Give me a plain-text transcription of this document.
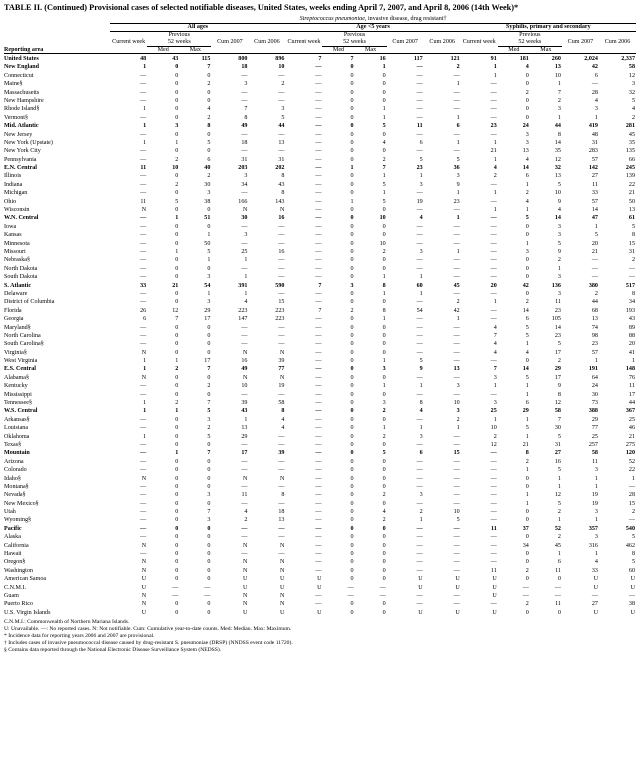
TABLE II. (Continued) Provisional cases of selected notifiable diseases, United States, weeks ending April 7, 2007, and April 8, 2006 (14th Week)*
	Streptococcus pneumoniae, invasive disease, drug resistant†														
	All ages					Age <5 years					Syphilis, primary and secondary				
		Previous					Previous					Previous			
	Current week	52 weeks		Cum 2007	Cum 2006	Current week	52 weeks		Cum 2007	Cum 2006	Current week	52 weeks		Cum 2007	Cum 2006
Reporting area		Med	Max				Med	Max				Med	Max		
United States	48	43	115	800	896	7	7	16	117	121	91	181	260	2,024	2,337
New England	1	0	7	18	10	—	0	1	—	2	1	4	13	42	58
Connecticut	—	0	0	—	—	—	0	0	—	—	1	0	10	6	12
Maine§	—	0	2	3	2	—	0	0	—	1	—	0	1	—	3
Massachusetts	—	0	0	—	—	—	0	0	—	—	—	2	7	28	32
New Hampshire	—	0	0	—	—	—	0	0	—	—	—	0	2	4	5
Rhode Island§	1	0	4	7	3	—	0	1	—	—	—	0	3	3	4
Vermont§	—	0	2	8	5	—	0	1	—	1	—	0	1	1	2
Mid. Atlantic	1	3	8	49	44	—	0	5	11	6	23	24	44	419	281
New Jersey	—	0	0	—	—	—	0	0	—	—	—	3	8	48	45
New York (Upstate)	1	1	5	18	13	—	0	4	6	1	1	3	14	31	35
New York City	—	0	0	—	—	—	0	0	—	—	21	13	35	283	135
Pennsylvania	—	2	6	31	31	—	0	2	5	5	1	4	12	57	66
E.N. Central	11	10	40	203	202	—	1	7	23	36	4	14	32	142	245
Illinois	—	0	2	3	8	—	0	1	1	3	2	6	13	27	139
Indiana	—	2	30	34	43	—	0	5	3	9	—	1	5	11	22
Michigan	—	0	3	—	8	—	0	1	—	1	1	2	10	33	21
Ohio	11	5	38	166	143	—	1	5	19	23	—	4	9	57	50
Wisconsin	N	0	0	N	N	—	0	0	—	—	1	1	4	14	13
W.N. Central	—	1	51	30	16	—	0	10	4	1	—	5	14	47	61
Iowa	—	0	0	—	—	—	0	0	—	—	—	0	3	1	5
Kansas	—	0	1	3	—	—	0	0	—	—	—	0	3	5	8
Minnesota	—	0	50	—	—	—	0	10	—	—	—	1	5	20	15
Missouri	—	1	5	25	16	—	0	2	3	1	—	3	9	21	31
Nebraska§	—	0	1	1	—	—	0	0	—	—	—	0	2	—	2
North Dakota	—	0	0	—	—	—	0	0	—	—	—	0	1	—	—
South Dakota	—	0	3	1	—	—	0	1	1	—	—	0	3	—	—
S. Atlantic	33	21	54	391	590	7	3	8	60	45	20	42	136	380	517
Delaware	—	0	1	1	—	—	0	1	1	—	—	0	3	2	8
District of Columbia	—	0	3	4	15	—	0	0	—	2	1	2	11	44	34
Florida	26	12	29	223	223	7	2	8	54	42	—	14	23	68	193
Georgia	6	7	17	147	223	—	0	1	—	1	—	6	105	13	43
Maryland§	—	0	0	—	—	—	0	0	—	—	4	5	14	74	89
North Carolina	—	0	0	—	—	—	0	0	—	—	7	5	23	98	88
South Carolina§	—	0	0	—	—	—	0	0	—	—	4	1	5	23	20
Virginia§	N	0	0	N	N	—	0	0	—	—	4	4	17	57	41
West Virginia	1	1	17	16	39	—	0	1	5	—	—	0	2	1	1
E.S. Central	1	2	7	49	77	—	0	3	9	13	7	14	29	191	148
Alabama§	N	0	0	N	N	—	0	0	—	—	3	5	17	64	76
Kentucky	—	0	2	10	19	—	0	1	1	3	1	1	9	24	11
Mississippi	—	0	0	—	—	—	0	0	—	—	—	1	8	30	17
Tennessee§	1	2	7	39	58	—	0	3	8	10	3	6	12	73	44
W.S. Central	1	1	5	43	8	—	0	2	4	3	25	29	58	388	367
Arkansas§	—	0	3	1	4	—	0	0	—	2	1	1	7	29	25
Louisiana	—	0	2	13	4	—	0	1	1	1	10	5	30	77	46
Oklahoma	1	0	5	29	—	—	0	2	3	—	2	1	5	25	21
Texas§	—	0	0	—	—	—	0	0	—	—	12	21	31	257	275
Mountain	—	1	7	17	39	—	0	5	6	15	—	8	27	58	120
Arizona	—	0	0	—	—	—	0	0	—	—	—	2	16	11	52
Colorado	—	0	0	—	—	—	0	0	—	—	—	1	5	3	22
Idaho§	N	0	0	N	N	—	0	0	—	—	—	0	1	1	1
Montana§	—	0	0	—	—	—	0	0	—	—	—	0	1	1	—
Nevada§	—	0	3	11	8	—	0	2	3	—	—	1	12	19	28
New Mexico§	—	0	0	—	—	—	0	0	—	—	—	1	5	19	15
Utah	—	0	7	4	18	—	0	4	2	10	—	0	2	3	2
Wyoming§	—	0	3	2	13	—	0	2	1	5	—	0	1	1	—
Pacific	—	0	0	—	—	—	0	0	—	—	11	37	52	357	540
Alaska	—	0	0	—	—	—	0	0	—	—	—	0	2	3	5
California	N	0	0	N	N	—	0	0	—	—	—	34	45	316	462
Hawaii	—	0	0	—	—	—	0	0	—	—	—	0	1	1	8
Oregon§	N	0	0	N	N	—	0	0	—	—	—	0	6	4	5
Washington	N	0	0	N	N	—	0	0	—	—	11	2	11	33	60
American Samoa	U	0	0	U	U	U	0	0	U	U	U	0	0	U	U
C.N.M.I.	U	—	—	U	U	U	—	—	U	U	U	—	—	U	U
Guam	N	—	—	N	N	—	—	—	—	—	U	—	—	—	—
Puerto Rico	N	0	0	N	N	—	0	0	—	—	—	2	11	27	38
U.S. Virgin Islands	U	0	0	U	U	U	0	0	U	U	U	0	0	U	U
C.N.M.I.: Commonwealth of Northern Mariana Islands.
U: Unavailable. —: No reported cases. N: Not notifiable. Cum: Cumulative year-to-date counts. Med: Median. Max: Maximum.
* Incidence data for reporting years 2006 and 2007 are provisional.
† Includes cases of invasive pneumococcal disease caused by drug-resistant S. pneumoniae (DRSP) (NNDSS event code 11720).
§ Contains data reported through the National Electronic Disease Surveillance System (NEDSS).
